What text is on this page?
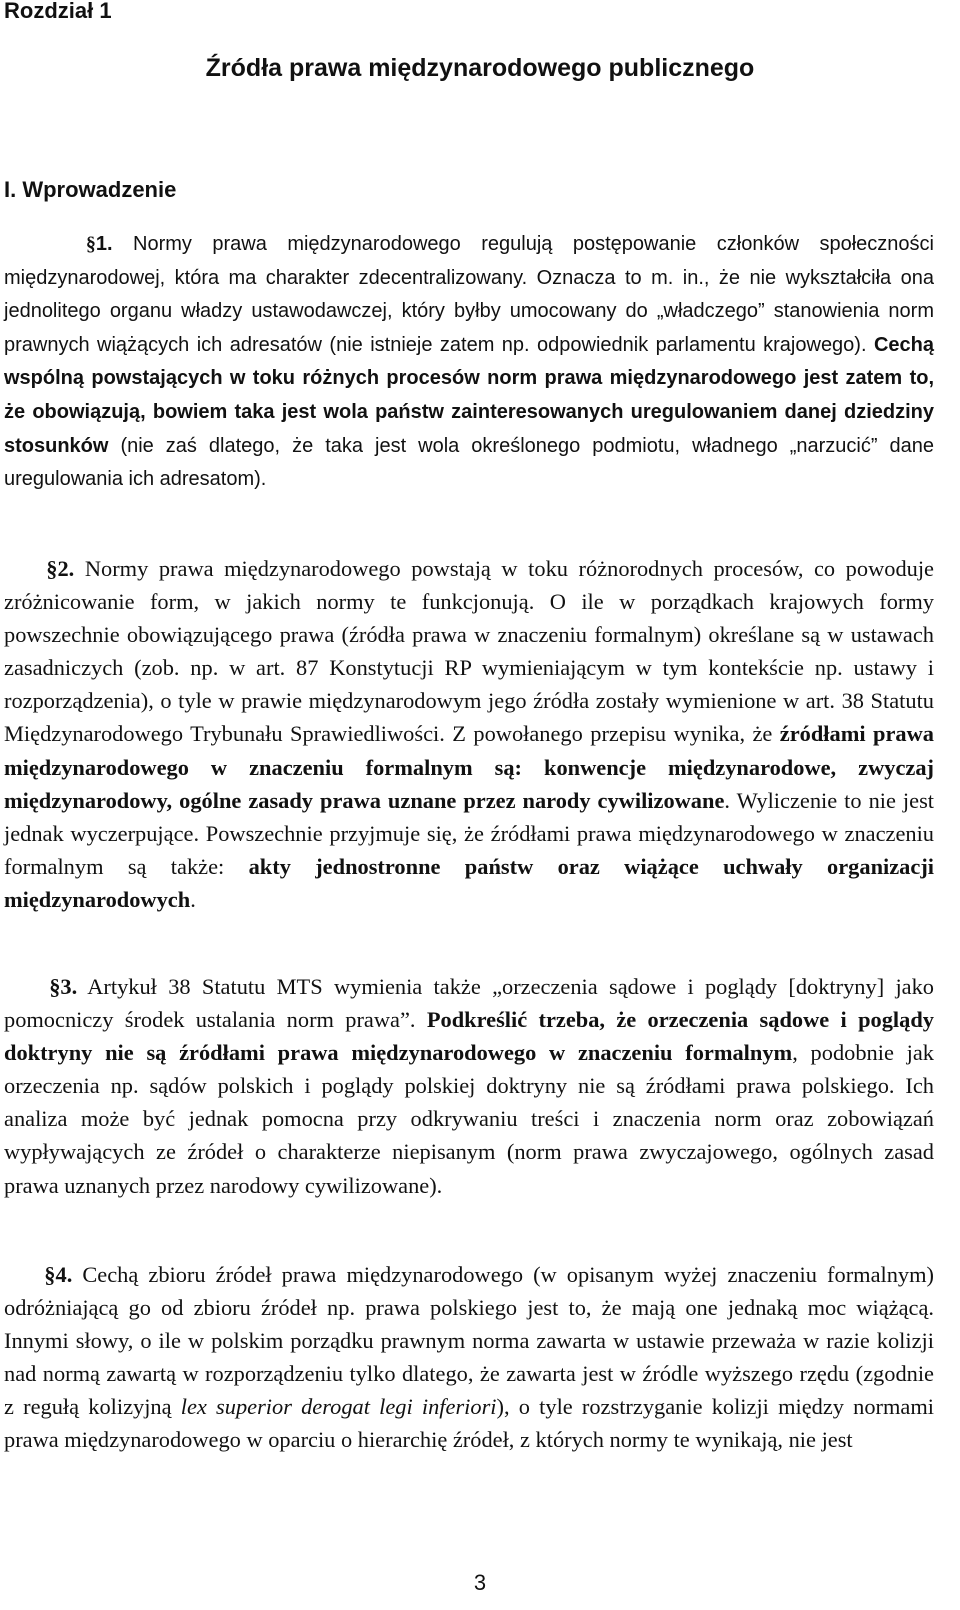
Rozdział 1
Źródła prawa międzynarodowego publicznego
I. Wprowadzenie

§1. Normy prawa międzynarodowego regulują postępowanie członków społeczności międzynarodowej, która ma charakter zdecentralizowany. Oznacza to m. in., że nie wykształciła ona jednolitego organu władzy ustawodawczej, który byłby umocowany do „władczego” stanowienia norm prawnych wiążących ich adresatów (nie istnieje zatem np. odpowiednik parlamentu krajowego). Cechą wspólną powstających w toku różnych procesów norm prawa międzynarodowego jest zatem to, że obowiązują, bowiem taka jest wola państw zainteresowanych uregulowaniem danej dziedziny stosunków (nie zaś dlatego, że taka jest wola określonego podmiotu, władnego „narzucić” dane uregulowania ich adresatom).

§2. Normy prawa międzynarodowego powstają w toku różnorodnych procesów, co powoduje zróżnicowanie form, w jakich normy te funkcjonują. O ile w porządkach krajowych formy powszechnie obowiązującego prawa (źródła prawa w znaczeniu formalnym) określane są w ustawach zasadniczych (zob. np. w art. 87 Konstytucji RP wymieniającym w tym kontekście np. ustawy i rozporządzenia), o tyle w prawie międzynarodowym jego źródła zostały wymienione w art. 38 Statutu Międzynarodowego Trybunału Sprawiedliwości. Z powołanego przepisu wynika, że źródłami prawa międzynarodowego w znaczeniu formalnym są: konwencje międzynarodowe, zwyczaj międzynarodowy, ogólne zasady prawa uznane przez narody cywilizowane. Wyliczenie to nie jest jednak wyczerpujące. Powszechnie przyjmuje się, że źródłami prawa międzynarodowego w znaczeniu formalnym są także: akty jednostronne państw oraz wiążące uchwały organizacji międzynarodowych.

§3. Artykuł 38 Statutu MTS wymienia także „orzeczenia sądowe i poglądy [doktryny] jako pomocniczy środek ustalania norm prawa”. Podkreślić trzeba, że orzeczenia sądowe i poglądy doktryny nie są źródłami prawa międzynarodowego w znaczeniu formalnym, podobnie jak orzeczenia np. sądów polskich i poglądy polskiej doktryny nie są źródłami prawa polskiego. Ich analiza może być jednak pomocna przy odkrywaniu treści i znaczenia norm oraz zobowiązań wypływających ze źródeł o charakterze niepisanym (norm prawa zwyczajowego, ogólnych zasad prawa uznanych przez narodowy cywilizowane).

§4. Cechą zbioru źródeł prawa międzynarodowego (w opisanym wyżej znaczeniu formalnym) odróżniającą go od zbioru źródeł np. prawa polskiego jest to, że mają one jednaką moc wiążącą. Innymi słowy, o ile w polskim porządku prawnym norma zawarta w ustawie przeważa w razie kolizji nad normą zawartą w rozporządzeniu tylko dlatego, że zawarta jest w źródle wyższego rzędu (zgodnie z regułą kolizyjną lex superior derogat legi inferiori), o tyle rozstrzyganie kolizji między normami prawa międzynarodowego w oparciu o hierarchię źródeł, z których normy te wynikają, nie jest

3
